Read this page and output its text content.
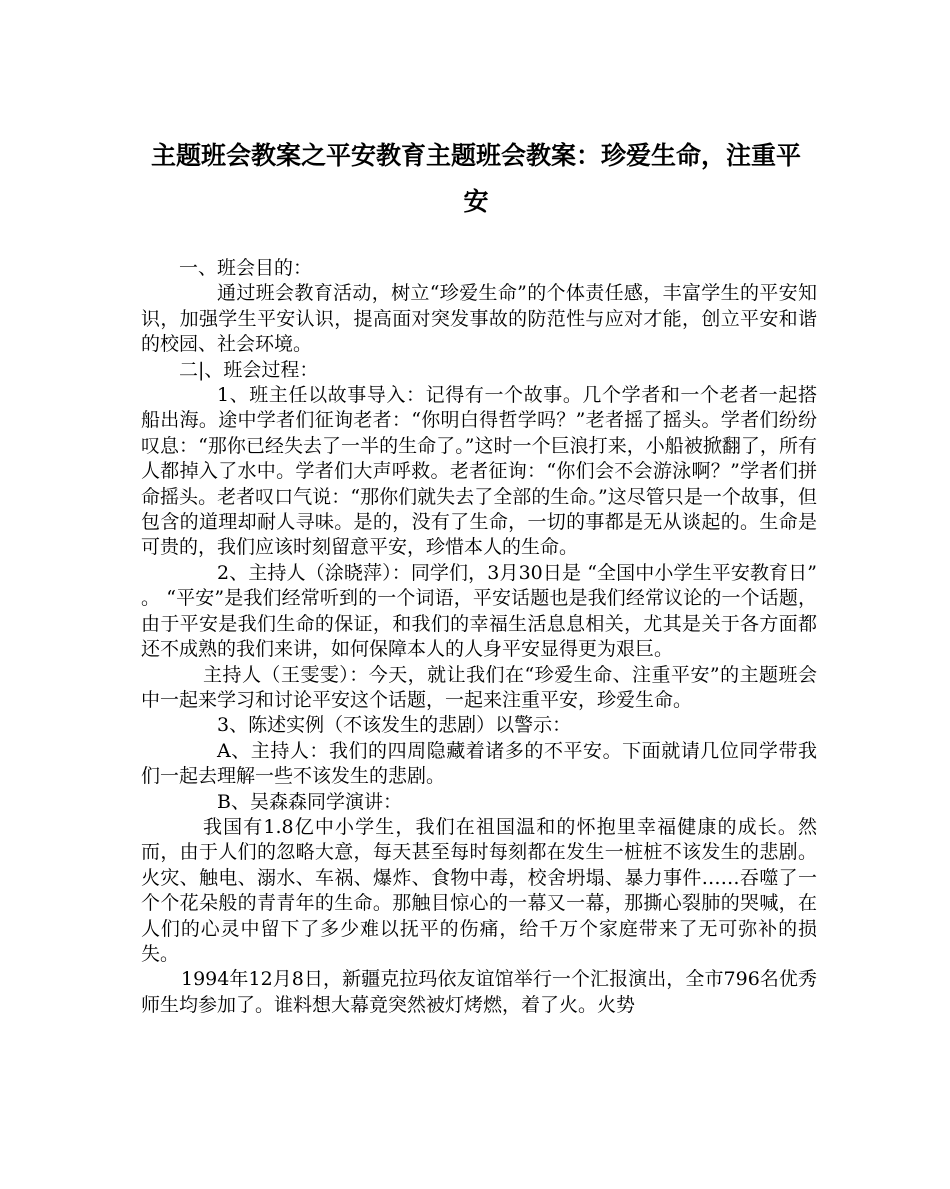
主题班会教案之平安教育主题班会教案：珍爱生命，注重平安

一、班会目的：

通过班会教育活动，树立“珍爱生命”的个体责任感，丰富学生的平安知识，加强学生平安认识，提高面对突发事故的防范性与应对才能，创立平安和谐的校园、社会环境。

二|、班会过程：

1、班主任以故事导入：记得有一个故事。几个学者和一个老者一起搭船出海。途中学者们征询老者：“你明白得哲学吗？”老者摇了摇头。学者们纷纷叹息：“那你已经失去了一半的生命了。”这时一个巨浪打来，小船被掀翻了，所有人都掉入了水中。学者们大声呼救。老者征询：“你们会不会游泳啊？”学者们拼命摇头。老者叹口气说：“那你们就失去了全部的生命。”这尽管只是一个故事，但包含的道理却耐人寻味。是的，没有了生命，一切的事都是无从谈起的。生命是可贵的，我们应该时刻留意平安，珍惜本人的生命。

2、主持人（涂晓萍）：同学们，3月30日是 “全国中小学生平安教育日” 。 “平安”是我们经常听到的一个词语，平安话题也是我们经常议论的一个话题，由于平安是我们生命的保证，和我们的幸福生活息息相关，尤其是关于各方面都还不成熟的我们来讲，如何保障本人的人身平安显得更为艰巨。

主持人（王雯雯）：今天，就让我们在“珍爱生命、注重平安”的主题班会中一起来学习和讨论平安这个话题，一起来注重平安，珍爱生命。

3、陈述实例（不该发生的悲剧）以警示：

A、主持人：我们的四周隐藏着诸多的不平安。下面就请几位同学带我们一起去理解一些不该发生的悲剧。

B、吴森森同学演讲：

我国有1.8亿中小学生，我们在祖国温和的怀抱里幸福健康的成长。然而，由于人们的忽略大意，每天甚至每时每刻都在发生一桩桩不该发生的悲剧。火灾、触电、溺水、车祸、爆炸、食物中毒，校舍坍塌、暴力事件……吞噬了一个个花朵般的青青年的生命。那触目惊心的一幕又一幕，那撕心裂肺的哭喊，在人们的心灵中留下了多少难以抚平的伤痛，给千万个家庭带来了无可弥补的损失。

1994年12月8日，新疆克拉玛依友谊馆举行一个汇报演出，全市796名优秀师生均参加了。谁料想大幕竟突然被灯烤燃，着了火。火势
